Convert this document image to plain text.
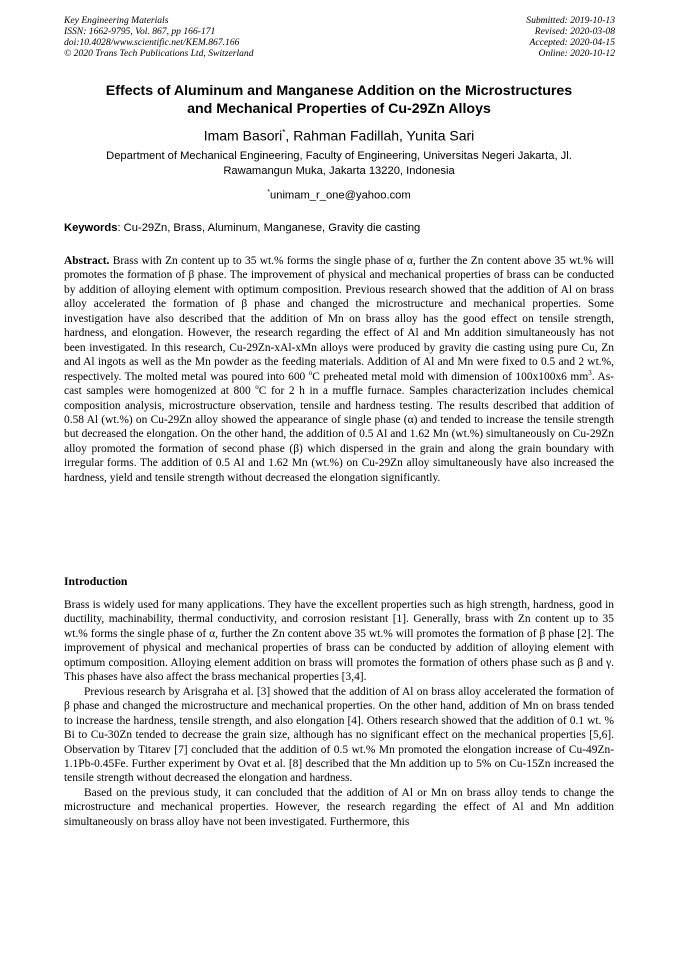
Key Engineering Materials
ISSN: 1662-9795, Vol. 867, pp 166-171
doi:10.4028/www.scientific.net/KEM.867.166
© 2020 Trans Tech Publications Ltd, Switzerland
Submitted: 2019-10-13
Revised: 2020-03-08
Accepted: 2020-04-15
Online: 2020-10-12
Effects of Aluminum and Manganese Addition on the Microstructures
and Mechanical Properties of Cu-29Zn Alloys
Imam Basori*, Rahman Fadillah, Yunita Sari
Department of Mechanical Engineering, Faculty of Engineering, Universitas Negeri Jakarta, Jl.
Rawamangun Muka, Jakarta 13220, Indonesia
*unimam_r_one@yahoo.com
Keywords: Cu-29Zn, Brass, Aluminum, Manganese, Gravity die casting

Abstract. Brass with Zn content up to 35 wt.% forms the single phase of α, further the Zn content above 35 wt.% will promotes the formation of β phase. The improvement of physical and mechanical properties of brass can be conducted by addition of alloying element with optimum composition. Previous research showed that the addition of Al on brass alloy accelerated the formation of β phase and changed the microstructure and mechanical properties. Some investigation have also described that the addition of Mn on brass alloy has the good effect on tensile strength, hardness, and elongation. However, the research regarding the effect of Al and Mn addition simultaneously has not been investigated. In this research, Cu-29Zn-xAl-xMn alloys were produced by gravity die casting using pure Cu, Zn and Al ingots as well as the Mn powder as the feeding materials. Addition of Al and Mn were fixed to 0.5 and 2 wt.%, respectively. The molted metal was poured into 600 $^o$C preheated metal mold with dimension of 100x100x6 $mm^3$. As-cast samples were homogenized at 800 $^o$C for 2 h in a muffle furnace. Samples characterization includes chemical composition analysis, microstructure observation, tensile and hardness testing. The results described that addition of 0.58 Al (wt.%) on Cu-29Zn alloy showed the appearance of single phase (α) and tended to increase the tensile strength but decreased the elongation. On the other hand, the addition of 0.5 Al and 1.62 Mn (wt.%) simultaneously on Cu-29Zn alloy promoted the formation of second phase (β) which dispersed in the grain and along the grain boundary with irregular forms. The addition of 0.5 Al and 1.62 Mn (wt.%) on Cu-29Zn alloy simultaneously have also increased the hardness, yield and tensile strength without decreased the elongation significantly.

Introduction

Brass is widely used for many applications. They have the excellent properties such as high strength, hardness, good in ductility, machinability, thermal conductivity, and corrosion resistant [1]. Generally, brass with Zn content up to 35 wt.% forms the single phase of α, further the Zn content above 35 wt.% will promotes the formation of β phase [2]. The improvement of physical and mechanical properties of brass can be conducted by addition of alloying element with optimum composition. Alloying element addition on brass will promotes the formation of others phase such as β and γ. This phases have also affect the brass mechanical properties [3,4].

Previous research by Arisgraha et al. [3] showed that the addition of Al on brass alloy accelerated the formation of β phase and changed the microstructure and mechanical properties. On the other hand, addition of Mn on brass tended to increase the hardness, tensile strength, and also elongation [4]. Others research showed that the addition of 0.1 wt. % Bi to Cu-30Zn tended to decrease the grain size, although has no significant effect on the mechanical properties [5,6]. Observation by Titarev [7] concluded that the addition of 0.5 wt.% Mn promoted the elongation increase of Cu-49Zn-1.1Pb-0.45Fe. Further experiment by Ovat et al. [8] described that the Mn addition up to 5% on Cu-15Zn increased the tensile strength without decreased the elongation and hardness.

Based on the previous study, it can concluded that the addition of Al or Mn on brass alloy tends to change the microstructure and mechanical properties. However, the research regarding the effect of Al and Mn addition simultaneously on brass alloy have not been investigated. Furthermore, this
